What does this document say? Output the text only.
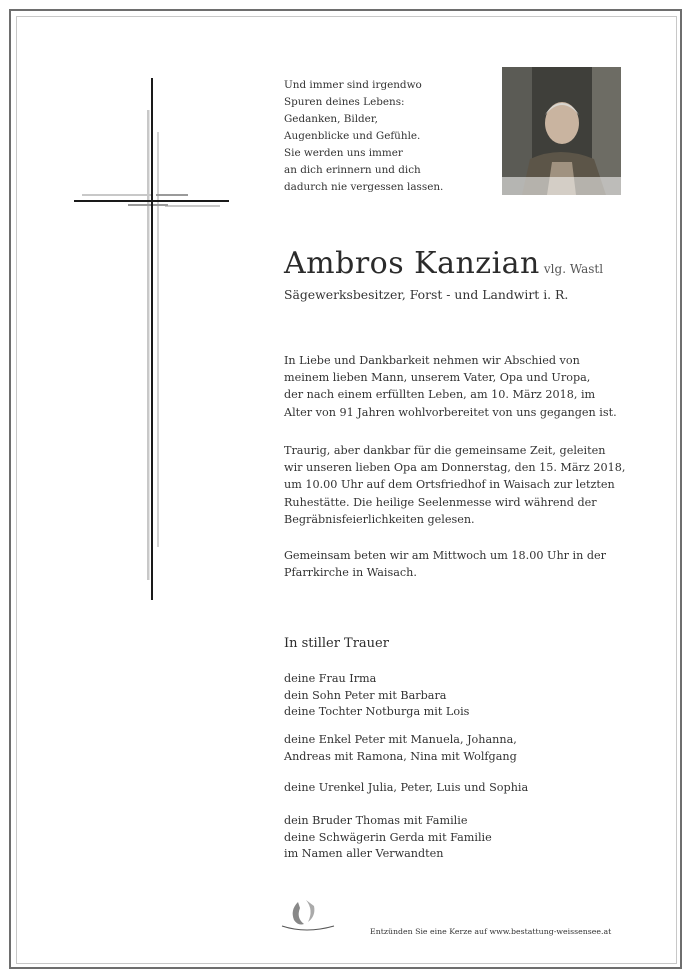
Und immer sind irgendwo
Spuren deines Lebens:
Gedanken, Bilder,
Augenblicke und Gefühle.
Sie werden uns immer
an dich erinnern und dich
dadurch nie vergessen lassen.
Ambros Kanzian vlg. Wastl
Sägewerksbesitzer, Forst - und Landwirt i. R.
In Liebe und Dankbarkeit nehmen wir Abschied von
meinem lieben Mann, unserem Vater, Opa und Uropa,
der nach einem erfüllten Leben, am 10. März 2018, im
Alter von 91 Jahren wohlvorbereitet von uns gegangen ist.
Traurig, aber dankbar für die gemeinsame Zeit, geleiten
wir unseren lieben Opa am Donnerstag, den 15. März 2018,
um 10.00 Uhr auf dem Ortsfriedhof in Waisach zur letzten
Ruhestätte. Die heilige Seelenmesse wird während der
Begräbnisfeierlichkeiten gelesen.
Gemeinsam beten wir am Mittwoch um 18.00 Uhr in der
Pfarrkirche in Waisach.
In stiller Trauer
deine Frau Irma
dein Sohn Peter mit Barbara
deine Tochter Notburga mit Lois
deine Enkel Peter mit Manuela, Johanna,
Andreas mit Ramona, Nina mit Wolfgang
deine Urenkel Julia, Peter, Luis und Sophia
dein Bruder Thomas mit Familie
deine Schwägerin Gerda mit Familie
im Namen aller Verwandten
Entzünden Sie eine Kerze auf www.bestattung-weissensee.at
